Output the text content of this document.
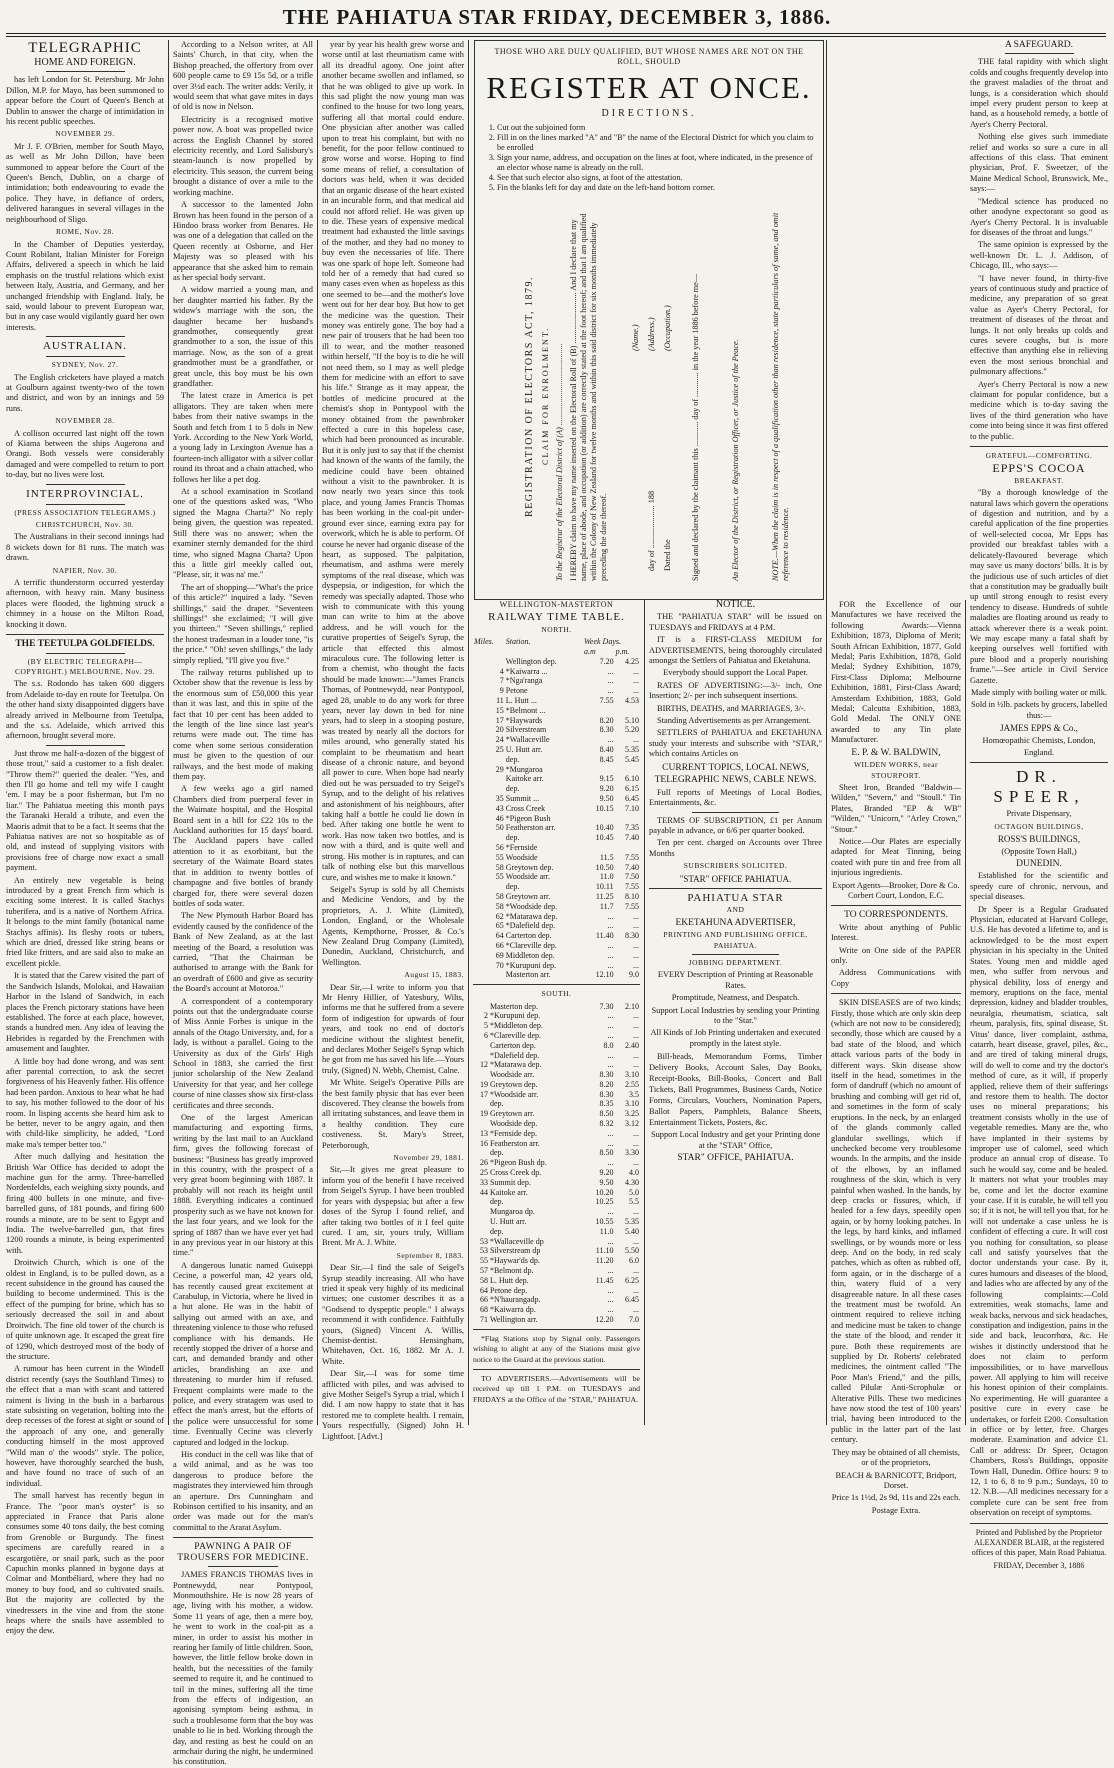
THE PAHIATUA STAR FRIDAY, DECEMBER 3, 1886.

TELEGRAPHIC

HOME AND FOREIGN.

has left London for St. Petersburg. Mr John Dillon, M.P. for Mayo, has been summoned to appear before the Court of Queen's Bench at Dublin to answer the charge of intimidation in his recent public speeches.

NOVEMBER 29.

Mr J. F. O'Brien, member for South Mayo, as well as Mr John Dillon, have been summoned to appear before the Court of the Queen's Bench, Dublin, on a charge of intimidation; both endeavouring to evade the police. They have, in defiance of orders, delivered harangues in several villages in the neighbourhood of Sligo.

ROME, Nov. 28.

In the Chamber of Deputies yesterday, Count Robilant, Italian Minister for Foreign Affairs, delivered a speech in which he laid emphasis on the trustful relations which exist between Italy, Austria, and Germany, and her unchanged friendship with England. Italy, he said, would labour to prevent European war, but in any case would vigilantly guard her own interests.

AUSTRALIAN.

SYDNEY, Nov. 27.

The English cricketers have played a match at Goulburn against twenty-two of the town and district, and won by an innings and 59 runs.

NOVEMBER 28.

A collison occurred last night off the town of Kiama between the ships Augerona and Orangi. Both vessels were considerably damaged and were compelled to return to port to-day, but no lives were lost.

INTERPROVINCIAL.

(PRESS ASSOCIATION TELEGRAMS.)

CHRISTCHURCH, Nov. 30.

The Australians in their second innings had 8 wickets down for 81 runs. The match was drawn.

NAPIER, Nov. 30.

A terrific thunderstorm occurred yesterday afternoon, with heavy rain. Many business places were flooded, the lightning struck a chimney in a house on the Milton Road, knocking it down.

THE TEETULPA GOLDFIELDS.

(BY ELECTRIC TELEGRAPH—COPYRIGHT.) MELBOURNE, Nov. 29.

The s.s. Rodondo has taken 600 diggers from Adelaide to-day en route for Teetulpa. On the other hand sixty disappointed diggers have already arrived in Melbourne from Teetulpa, and the s.s. Adelaide, which arrived this afternoon, brought several more.

Just throw me half-a-dozen of the biggest of those trout," said a customer to a fish dealer. "Throw them?" queried the dealer. "Yes, and then I'll go home and tell my wife I caught 'em. I may be a poor fisherman, but I'm no liar." The Pahiatua meeting this month pays the Taranaki Herald a tribute, and even the Maoris admit that to be a fact. It seems that the Pahiatua natives are not so hospitable as of old, and instead of supplying visitors with provisions free of charge now exact a small payment.

An entirely new vegetable is being introduced by a great French firm which is exciting some interest. It is called Stachys tuberifera, and is a native of Northern Africa. It belongs to the mint family (botanical name Stachys affinis). Its fleshy roots or tubers, which are dried, dressed like string beans or fried like fritters, and are said also to make an excellent pickle.

It is stated that the Carew visited the part of the Sandwich Islands, Molokai, and Hawaiian Harbor in the Island of Sandwich, in each places the French pictorary stations have been established. The force at each place, however, stands a hundred men. Any idea of leaving the Hebrides is regarded by the Frenchmen with amusement and laughter.

A little boy had done wrong, and was sent after parental correction, to ask the secret forgiveness of his Heavenly father. His offence had been pardon. Anxious to hear what he had to say, his mother followed to the door of his room. In lisping accents she heard him ask to be better, never to be angry again, and then with child-like simplicity, he added, "Lord make ma's temper better too."

After much dallying and hesitation the British War Office has decided to adopt the machine gun for the army. Three-barrelled Nordenfeldts, each weighing sixty pounds, and firing 400 bullets in one minute, and five-barrelled guns, of 181 pounds, and firing 600 rounds a minute, are to be sent to Egypt and India. The twelve-barrelled gun, that fires 1200 rounds a minute, is being experimented with.

Droitwich Church, which is one of the oldest in England, is to be pulled down, as a recent subsidence in the ground has caused the building to become undermined. This is the effect of the pumping for brine, which has so seriously decreased the soil in and about Droitwich. The fine old tower of the church is of quite unknown age. It escaped the great fire of 1290, which destroyed most of the body of the structure.

A rumour has been current in the Windell district recently (says the Southland Times) to the effect that a man with scant and tattered raiment is living in the bush in a barbarous state subsisting on vegetation, bolting into the deep recesses of the forest at sight or sound of the approach of any one, and generally conducting himself in the most approved "Wild man o' the woods" style. The police, however, have thoroughly searched the bush, and have found no trace of such of an individual.

The small harvest has recently begun in France. The "poor man's oyster" is so appreciated in France that Paris alone consumes some 40 tons daily, the best coming from Grenoble or Burgundy. The finest specimens are carefully reared in a escargotière, or snail park, such as the poor Capuchin monks planned in bygone days at Colmar and Montbéliard, where they had no money to buy food, and so cultivated snails. But the majority are collected by the vinedressers in the vine and from the stone heaps where the snails have assembled to enjoy the dew.

According to a Nelson writer, at All Saints' Church, in that city, when the Bishop preached, the offertory from over 600 people came to £9 15s 5d, or a trifle over 3½d each. The writer adds: Verily, it would seem that what gave mites in days of old is now in Nelson.

Electricity is a recognised motive power now. A boat was propelled twice across the English Channel by stored electricity recently, and Lord Salisbury's steam-launch is now propelled by electricity. This season, the current being brought a distance of over a mile to the working machine.

A successor to the lamented John Brown has been found in the person of a Hindoo brass worker from Benares. He was one of a delegation that called on the Queen recently at Osborne, and Her Majesty was so pleased with his appearance that she asked him to remain as her special body servant.

A widow married a young man, and her daughter married his father. By the widow's marriage with the son, the daughter became her husband's grandmother, consequently great grandmother to a son, the issue of this marriage. Now, as the son of a great grandmother must be a grandfather, or great uncle, this boy must be his own grandfather.

The latest craze in America is pet alligators. They are taken when mere babes from their native swamps in the South and fetch from 1 to 5 dols in New York. According to the New York World, a young lady in Lexington Avenue has a fourteen-inch alligator with a silver collar round its throat and a chain attached, who follows her like a pet dog.

At a school examination in Scotland one of the questions asked was, "Who signed the Magna Charta?" No reply being given, the question was repeated. Still there was no answer; when the examiner sternly demanded for the third time, who signed Magna Charta? Upon this a little girl meekly called out, "Please, sir, it was na' me."

The art of shopping—"What's the price of this article?" inquired a lady. "Seven shillings," said the draper. "Seventeen shillings!" she exclaimed; "I will give you thirteen." "Seven shillings," replied the honest tradesman in a louder tone, "is the price." "Oh! seven shillings," the lady simply replied, "I'll give you five."

The railway returns published up to October show that the revenue is less by the enormous sum of £50,000 this year than it was last, and this in spite of the fact that 10 per cent has been added to the length of the line since last year's returns were made out. The time has come when some serious consideration must be given to the question of our railways, and the best mode of making them pay.

A few weeks ago a girl named Chambers died from puerperal fever in the Waimate hospital, and the Hospital Board sent in a bill for £22 10s to the Auckland authorities for 15 days' board. The Auckland papers have called attention to it as exorbitant, but the secretary of the Waimate Board states that in addition to twenty bottles of champagne and five bottles of brandy charged for, there were several dozen bottles of soda water.

The New Plymouth Harbor Board has evidently caused by the confidence of the Bank of New Zealand, as at the last meeting of the Board, a resolution was carried, "That the Chairman be authorised to arrange with the Bank for an overdraft of £600 and give as security the Board's account at Motoroa."

A correspondent of a contemporary points out that the undergraduate course of Miss Annie Forbes is unique in the annals of the Otago University, and, for a lady, is without a parallel. Going to the University as dux of the Girls' High School in 1883, she carried the first junior scholarship of the New Zealand University for that year, and her college course of nine classes show six first-class certificates and three seconds.

One of the largest American manufacturing and exporting firms, writing by the last mail to an Auckland firm, gives the following forecast of business: "Business has greatly improved in this country, with the prospect of a very great boom beginning with 1887. It probably will not reach its height until 1888. Everything indicates a continued prosperity such as we have not known for the last four years, and we look for the spring of 1887 than we have ever yet had in any previous year in our history at this time."

A dangerous lunatic named Guiseppi Cecine, a powerful man, 42 years old, has recently caused great excitement at Carabulup, in Victoria, where he lived in a hut alone. He was in the habit of sallying out armed with an axe, and threatening violence to those who refused compliance with his demands. He recently stopped the driver of a horse and cart, and demanded brandy and other articles, brandishing an axe and threatening to murder him if refused. Frequent complaints were made to the police, and every stratagem was used to effect the man's arrest, but the efforts of the police were unsuccessful for some time. Eventually Cecine was cleverly captured and lodged in the lockup.

His conduct in the cell was like that of a wild animal, and as he was too dangerous to produce before the magistrates they interviewed him through an aperture. Drs Cunningham and Robinson certified to his insanity, and an order was made out for the man's committal to the Ararat Asylum.

PAWNING A PAIR OF TROUSERS FOR MEDICINE.

JAMES FRANCIS THOMAS lives in Pontnewydd, near Pontypool, Monmouthshire. He is now 28 years of age, living with his mother, a widow. Some 11 years of age, then a mere boy, he went to work in the coal-pit as a miner, in order to assist his mother in rearing her family of little children. Soon, however, the little fellow broke down in health, but the necessities of the family seemed to require it, and he continued to toil in the mines, suffering all the time from the effects of indigestion, an agonising symptom being asthma, in such a troublesome form that the boy was unable to lie in bed. Working through the day, and resting as best he could on an armchair during the night, he undermined his constitution.

year by year his health grew worse and worse until at last rheumatism came with all its dreadful agony. One joint after another became swollen and inflamed, so that he was obliged to give up work. In this sad plight the now young man was confined to the house for two long years, suffering all that mortal could endure. One physician after another was called upon to treat his complaint, but with no benefit, for the poor fellow continued to grow worse and worse. Hoping to find some means of relief, a consultation of doctors was held, when it was decided that an organic disease of the heart existed in an incurable form, and that medical aid could not afford relief. He was given up to die. These years of expensive medical treatment had exhausted the little savings of the mother, and they had no money to buy even the necessaries of life. There was one spark of hope left. Someone had told her of a remedy that had cured so many cases even when as hopeless as this one seemed to be—and the mother's love went out for her dear boy. But how to get the medicine was the question. Their money was entirely gone. The boy had a new pair of trousers that he had been too ill to wear, and the mother reasoned within herself, "If the boy is to die he will not need them, so I may as well pledge them for medicine with an effort to save his life." Strange as it may appear, the bottles of medicine procured at the chemist's shop in Pontypool with the money obtained from the pawnbroker effected a cure in this hopeless case, which had been pronounced as incurable. But it is only just to say that if the chemist had known of the wants of the family, the medicine could have been obtained without a visit to the pawnbroker. It is now nearly two years since this took place, and young James Francis Thomas has been working in the coal-pit under-ground ever since, earning extra pay for overwork, which he is able to perform. Of course he never had organic disease of the heart, as supposed. The palpitation, rheumatism, and asthma were merely symptoms of the real disease, which was dyspepsia, or indigestion, for which the remedy was specially adapted. Those who wish to communicate with this young man can write to him at the above address, and he will vouch for the curative properties of Seigel's Syrup, the article that effected this almost miraculous cure. The following letter is from a chemist, who thought the facts should be made known:—"James Francis Thomas, of Pontnewydd, near Pontypool, aged 28, unable to do any work for three years, never lay down in bed for nine years, had to sleep in a stooping posture, was treated by nearly all the doctors for miles around, who generally stated his complaint to be rheumatism and heart disease of a chronic nature, and beyond all power to cure. When hope had nearly died out he was persuaded to try Seigel's Syrup, and to the delight of his relatives and astonishment of his neighbours, after taking half a bottle he could lie down in bed. After taking one bottle he went to work. Has now taken two bottles, and is now with a third, and is quite well and strong. His mother is in raptures, and can talk of nothing else but this marvellous cure, and wishes me to make it known."

Seigel's Syrup is sold by all Chemists and Medicine Vendors, and by the proprietors, A. J. White (Limited), London, England, or the Wholesale Agents, Kempthorne, Prosser, & Co.'s New Zealand Drug Company (Limited), Dunedin, Auckland, Christchurch, and Wellington.

August 15, 1883.

Dear Sir,—I write to inform you that Mr Henry Hillier, of Yatesbury, Wilts, informs me that he suffered from a severe form of indigestion for upwards of four years, and took no end of doctor's medicine without the slightest benefit, and declares Mother Seigel's Syrup which he got from me has saved his life.—Yours truly, (Signed) N. Webb, Chemist, Calne.

Mr White. Seigel's Operative Pills are the best family physic that has ever been discovered. They cleanse the bowels from all irritating substances, and leave them in a healthy condition. They cure costiveness. St. Mary's Street, Peterborough,

November 29, 1881.

Sir,—It gives me great pleasure to inform you of the benefit I have received from Seigel's Syrup. I have been troubled for years with dyspepsia; but after a few doses of the Syrup I found relief, and after taking two bottles of it I feel quite cured. I am, sir, yours truly, William Brent. Mr A. J. White.

September 8, 1883.

Dear Sir,—I find the sale of Seigel's Syrup steadily increasing. All who have tried it speak very highly of its medicinal virtues; one customer describes it as a "Godsend to dyspeptic people." I always recommend it with confidence. Faithfully yours, (Signed) Vincent A. Willis, Chemist-dentist. Hensingham, Whitehaven, Oct. 16, 1882. Mr A. J. White.

Dear Sir,—I was for some time afflicted with piles, and was advised to give Mother Seigel's Syrup a trial, which I did. I am now happy to state that it has restored me to complete health. I remain, Yours respectfully, (Signed) John H. Lightfoot. [Advt.]

THOSE WHO ARE DULY QUALIFIED, BUT WHOSE NAMES ARE NOT ON THE ROLL, SHOULD
REGISTER AT ONCE.
DIRECTIONS.
1. Cut out the subjoined form
2. Fill in on the lines marked "A" and "B" the name of the Electoral District for which you claim to be enrolled
3. Sign your name, address, and occupation on the lines at foot, where indicated, in the presence of an elector whose name is already on the roll.
4. See that such elector also signs, at foot of the attestation.
5. Fin the blanks left for day and date on the left-hand bottom corner.
REGISTRATION OF ELECTORS ACT, 1879. CLAIM FOR ENROLMENT. To the Registrar of the Electoral District of (A) ........................................ I HEREBY claim to have my name inserted on the Electoral Roll of (B) ......................... And I declare that my name, place of abode, and occupation (or addition) are correctly stated at the foot hereof; and that I am qualified within the Colony of New Zealand for twelve months and within this said district for six months immediately preceding the date thereof.
(Name.) (Address.) (Occupation.)
day of ..................... 188 Dated the Signed and declared by the claimant this ............ day of ............ in the year 1886 before me—	An Elector of the District, or Registration Officer, or Justice of the Peace.	NOTE.—When the claim is in respect of a qualification other than residence, state particulars of same, and omit reference to residence.

WELLINGTON-MASTERTON

RAILWAY TIME TABLE.

NORTH.

Miles.	Station.	Week Days.	
		a.m	p.m.
	Wellington dep.	7.20	4.25
4	*Kaiwarra ...	...	...
7	*Nga'ranga	...	...
9	Petone	...	...
11	L. Hutt ...	7.55	4.53
15	*Belmont ...		
17	*Haywards	8.20	5.10
20	Silverstream	8.30	5.20
24	*Wallaceville	...	...
25	U. Hutt arr.	8.40	5.35
	dep.	8.45	5.45
29	*Mungaroa		
	Kaitoke arr.	9.15	6.10
	dep.	9.20	6.15
35	Summit ...	9.50	6.45
43	Cross Creek	10.15	7.10
46	*Pigeon Bush		
50	Featherston arr.	10.40	7.35
	dep.	10.45	7.40
56	*Fernside		
55	Woodside	11.5	7.55
58	Greytown dep.	10.50	7.40
55	Woodside arr.	11.0	7.50
	dep.	10.11	7.55
58	Greytown arr.	11.25	8.10
58	*Woodside dep.	11.7	7.55
62	*Matarawa dep.	...	...
65	*Dalefield dep.	...	...
64	Carterton dep.	11.40	8.30
66	*Clareville dep.	...	...
69	Middleton dep.	...	...
70	*Kurupuni dep.	...	...
	Masterton arr.	12.10	9.0

SOUTH.

	Masterton dep.	7.30	2.10
2	*Kurupuni dep.	...	...
5	*Middleton dep.	...	...
6	*Clareville dep.	...	...
	Carterton dep.	8.0	2.40
	*Dalefield dep.	...	...
12	*Matarawa dep.	...	...
	Woodside arr.	8.30	3.10
19	Greytown dep.	8.20	2.55
17	*Woodside arr.	8.30	3.5
	dep.	8.35	3.10
19	Greytown arr.	8.50	3.25
	Woodside dep.	8.32	3.12
13	*Fernside dep.	...	...
16	Featherston arr.	...	...
	dep.	8.50	3.30
26	*Pigeon Bush dp.	...	...
25	Cross Creek dp.	9.20	4.0
33	Summit dep.	9.50	4.30
44	Kaitoke arr.	10.20	5.0
	dep.	10.25	5.5
	Mungaroa dp.	...	...
	U. Hutt arr.	10.55	5.35
	dep.	11.0	5.40
53	*Wallaceville dp	...	...
53	Silverstream dp	11.10	5.50
55	*Haywar'ds dp.	11.20	6.0
57	*Belmont dp.	...	...
58	L. Hutt dep.	11.45	6.25
64	Petone dep.	...	...
66	*N'haurangadp.	...	6.45
68	*Kaiwarra dp.	...	...
71	Wellington arr.	12.20	7.0

*Flag Stations stop by Signal only. Passengers wishing to alight at any of the Stations must give notice to the Guard at the previous station.

TO ADVERTISERS.—Advertisements will be received up till 1 P.M. on TUESDAYS and FRIDAYS at the Office of the "STAR," PAHIATUA.

NOTICE.

THE "PAHIATUA STAR" will be issued on TUESDAYS and FRIDAYS at 4 P.M.

IT is a FIRST-CLASS MEDIUM for ADVERTISEMENTS, being thoroughly circulated amongst the Settlers of Pahiatua and Eketahuna.

Everybody should support the Local Paper.

RATES OF ADVERTISING:—3/- inch, One Insertion; 2/- per inch subsequent insertions.

BIRTHS, DEATHS, and MARRIAGES, 3/-.

Standing Advertisements as per Arrangement.

SETTLERS of PAHIATUA and EKETAHUNA study your interests and subscribe with "STAR," which contains Articles on

CURRENT TOPICS, LOCAL NEWS, TELEGRAPHIC NEWS, CABLE NEWS.

Full reports of Meetings of Local Bodies, Entertainments, &c.

TERMS OF SUBSCRIPTION, £1 per Annum payable in advance, or 6/6 per quarter booked.

Ten per cent. charged on Accounts over Three Months

SUBSCRIBERS SOLICITED.

"STAR" OFFICE PAHIATUA.

PAHIATUA STAR

AND

EKETAHUNA ADVERTISER,

PRINTING AND PUBLISHING OFFICE, PAHIATUA.

JOBBING DEPARTMENT.

EVERY Description of Printing at Reasonable Rates.

Promptitude, Neatness, and Despatch.

Support Local Industries by sending your Printing to the "Star."

All Kinds of Job Printing undertaken and executed promptly in the latest style.

Bill-heads, Memorandum Forms, Timber Delivery Books, Account Sales, Day Books, Receipt-Books, Bill-Books, Concert and Ball Tickets, Ball Programmes, Business Cards, Notice Forms, Circulars, Vouchers, Nomination Papers, Ballot Papers, Pamphlets, Balance Sheets, Entertainment Tickets, Posters, &c.

Support Local Industry and get your Printing done at the "STAR" Office,

STAR" OFFICE, PAHIATUA.

FOR the Excellence of our Manufactures we have received the following Awards:—Vienna Exhibition, 1873, Diploma of Merit; South African Exhibition, 1877, Gold Medal; Paris Exhibition, 1878, Gold Medal; Sydney Exhibition, 1879, First-Class Diploma; Melbourne Exhibition, 1881, First-Class Award; Amsterdam Exhibition, 1883, Gold Medal; Calcutta Exhibition, 1883, Gold Medal. The ONLY ONE awarded to any Tin plate Manufacturer.

E. P. & W. BALDWIN,

WILDEN WORKS, near STOURPORT.

Sheet Iron, Branded "Baldwin—Wilden," "Severn," and "Stoull." Tin Plates, Branded "EP & WB" "Wilden," "Unicorn," "Arley Crown," "Stour."

Notice.—Our Plates are especially adapted for Meat Tinning, being coated with pure tin and free from all injurious ingredients.

Export Agents—Brooker, Dore & Co. Corbert Court, London, E.C.

TO CORRESPONDENTS.

Write about anything of Public Interest.

Write on One side of the PAPER only.

Address Communications with Copy

SKIN DISEASES are of two kinds; Firstly, those which are only skin deep (which are not now to be considered); secondly, those which are caused by a bad state of the blood, and which attack various parts of the body in different ways. Skin disease show itself in the head, sometimes in the form of dandruff (which no amount of brushing and combing will get rid of, and sometimes in the form of scaly eruptions. In the neck, by an enlarged of the glands commonly called glandular swellings, which if unchecked become very troublesome wounds. In the armpits, and the inside of the elbows, by an inflamed roughness of the skin, which is very painful when washed. In the hands, by deep cracks or fissures, which, if healed for a few days, speedily open again, or by horny looking patches. In the legs, by hard kinks, and inflamed swellings, or by wounds more or less deep. And on the body, in red scaly patches, which as often as rubbed off, form again, or in the discharge of a thin, watery fluid of a very disagreeable nature. In all these cases the treatment must be twofold. An ointment required to relieve itching and medicine must be taken to change the state of the blood, and render it pure. Both these requirements are supplied by Dr. Roberts' celebrated medicines, the ointment called "The Poor Man's Friend," and the pills, called Pilulæ Anti-Scrophulæ or Alterative Pills. These two medicines have now stood the test of 100 years' trial, having been introduced to the public in the latter part of the last century.

They may be obtained of all chemists, or of the proprietors,

BEACH & BARNICOTT, Bridport, Dorset.

Price 1s 1½d, 2s 9d, 11s and 22s each.

Postage Extra.

A SAFEGUARD.

THE fatal rapidity with which slight colds and coughs frequently develop into the gravest maladies of the throat and lungs, is a consideration which should impel every prudent person to keep at hand, as a household remedy, a bottle of Ayer's Cherry Pectoral.

Nothing else gives such immediate relief and works so sure a cure in all affections of this class. That eminent physician, Prof. F. Sweetzer, of the Maine Medical School, Brunswick, Me., says:—

"Medical science has produced no other anodyne expectorant so good as Ayer's Cherry Pectoral. It is invaluable for diseases of the throat and lungs."

The same opinion is expressed by the well-known Dr. L. J. Addison, of Chicago, Ill., who says:—

"I have never found, in thirty-five years of continuous study and practice of medicine, any preparation of so great value as Ayer's Cherry Pectoral, for treatment of diseases of the throat and lungs. It not only breaks up colds and cures severe coughs, but is more effective than anything else in relieving even the most serious bronchial and pulmonary affections."

Ayer's Cherry Pectoral is now a new claimant for popular confidence, but a medicine which is to-day saving the lives of the third generation who have come into being since it was first offered to the public.

GRATEFUL—COMFORTING.

EPPS'S COCOA

BREAKFAST.

"By a thorough knowledge of the natural laws which govern the operations of digestion and nutrition, and by a careful application of the fine properties of well-selected cocoa, Mr Epps has provided our breakfast tables with a delicately-flavoured beverage which may save us many doctors' bills. It is by the judicious use of such articles of diet that a constitution may be gradually built up until strong enough to resist every tendency to disease. Hundreds of subtle maladies are floating around us ready to attack wherever there is a weak point. We may escape many a fatal shaft by keeping ourselves well fortified with pure blood and a properly nourishing frame."—See article in Civil Service Gazette.

Made simply with boiling water or milk.

Sold in ½lb. packets by grocers, labelled thus:—

JAMES EPPS & Co.,

Homœopathic Chemists, London,

England.

DR. SPEER,

Private Dispensary,

OCTAGON BUILDINGS,

ROSS'S BUILDINGS,

(Opposite Town Hall,)

DUNEDIN.

Established for the scientific and speedy cure of chronic, nervous, and special diseases.

Dr Speer is a Regular Graduated Physician, educated at Harvard College, U.S. He has devoted a lifetime to, and is acknowledged to be the most expert physician in his specialty in the United States. Young men and middle aged men, who suffer from nervous and physical debility, loss of energy and memory, eruptions on the face, mental depression, kidney and bladder troubles, neuralgia, rheumatism, sciatica, salt rheum, paralysis, fits, spinal disease, St. Vitus' dance, liver complaint, asthma, catarrh, heart disease, gravel, piles, &c., and are tired of taking mineral drugs, will do well to come and try the doctor's method of cure, as it will, if properly applied, relieve them of their sufferings and restore them to health. The doctor uses no mineral preparations; his treatment consists wholly in the use of vegetable remedies. Many are the, who have implanted in their systems by improper use of calomel, seed which produce an annual crop of disease. To such he would say, come and be healed. It matters not what your troubles may be, come and let the doctor examine your case. If it is curable, he will tell you so; if it is not, he will tell you that, for he will not undertake a case unless he is confident of effecting a cure. It will cost you nothing for consultation, so please call and satisfy yourselves that the doctor understands your case. By it, cures humours and diseases of the blood, and ladies who are affected by any of the following complaints:—Cold extremities, weak stomachs, lame and weak backs, nervous and sick headaches, constipation and indigestion, pains in the side and back, leucorrhœa, &c. He wishes it distinctly understood that he does not claim to perform impossibilities, or to have marvellous power. All applying to him will receive his honest opinion of their complaints. No experimenting. He will guarantee a positive cure in every case he undertakes, or forfeit £200. Consultation in office or by letter, free. Charges moderate. Examination and advice £1. Call or address: Dr Speer, Octagon Chambers, Ross's Buildings, opposite Town Hall, Dunedin. Office hours: 9 to 12, 1 to 6, 8 to 9 p.m.; Sundays, 10 to 12. N.B.—All medicines necessary for a complete cure can be sent free from observation on receipt of symptoms.

Printed and Published by the Proprietor ALEXANDER BLAIR, at the registered offices of this paper, Main Road Pahiatua.

FRIDAY, December 3, 1886
